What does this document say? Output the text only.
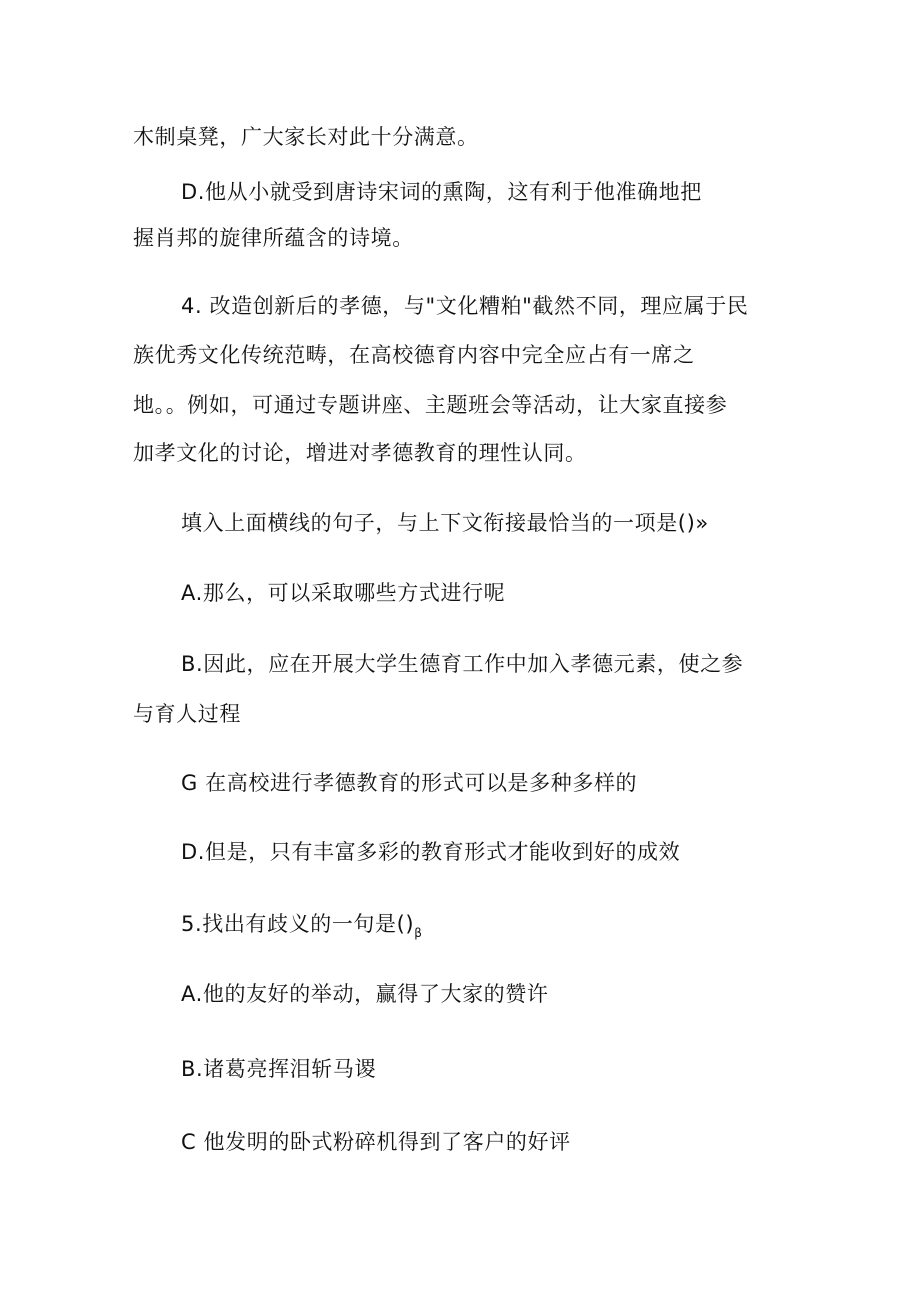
木制桌凳，广大家长对此十分满意。
D.他从小就受到唐诗宋词的熏陶，这有利于他准确地把
握肖邦的旋律所蕴含的诗境。
4. 改造创新后的孝德，与"文化糟粕"截然不同，理应属于民
族优秀文化传统范畴，在高校德育内容中完全应占有一席之
地。。例如，可通过专题讲座、主题班会等活动，让大家直接参
加孝文化的讨论，增进对孝德教育的理性认同。
填入上面横线的句子，与上下文衔接最恰当的一项是()»
A.那么，可以采取哪些方式进行呢
B.因此，应在开展大学生德育工作中加入孝德元素，使之参
与育人过程
G 在高校进行孝德教育的形式可以是多种多样的
D.但是，只有丰富多彩的教育形式才能收到好的成效
5.找出有歧义的一句是$()_\beta$
A.他的友好的举动，赢得了大家的赞许
B.诸葛亮挥泪斩马谡
C 他发明的卧式粉碎机得到了客户的好评
